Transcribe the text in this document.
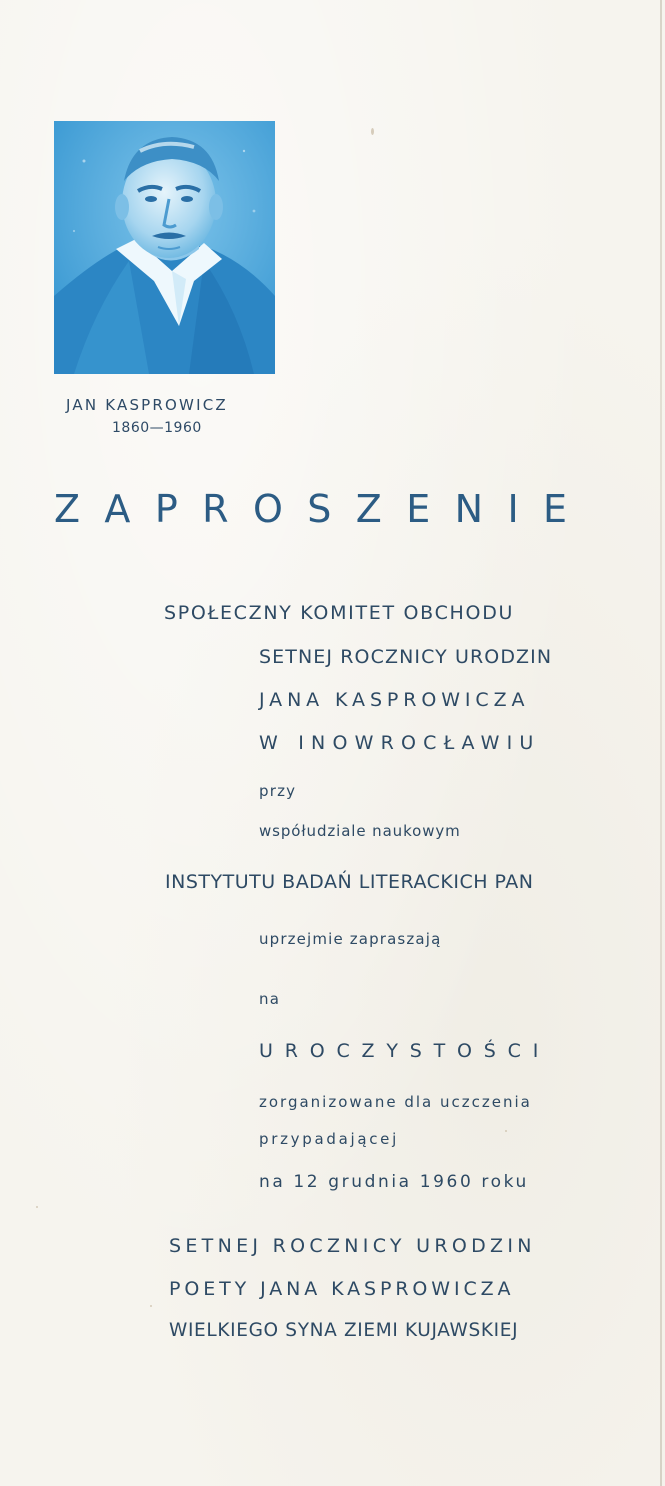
JAN KASPROWICZ
1860—1960
ZAPROSZENIE
SPOŁECZNY KOMITET OBCHODU
SETNEJ ROCZNICY URODZIN
JANA KASPROWICZA
W INOWROCŁAWIU
przy
współudziale naukowym
INSTYTUTU BADAŃ LITERACKICH PAN
uprzejmie zapraszają
na
UROCZYSTOŚCI
zorganizowane dla uczczenia
przypadającej
na 12 grudnia 1960 roku
SETNEJ ROCZNICY URODZIN
POETY JANA KASPROWICZA
WIELKIEGO SYNA ZIEMI KUJAWSKIEJ
